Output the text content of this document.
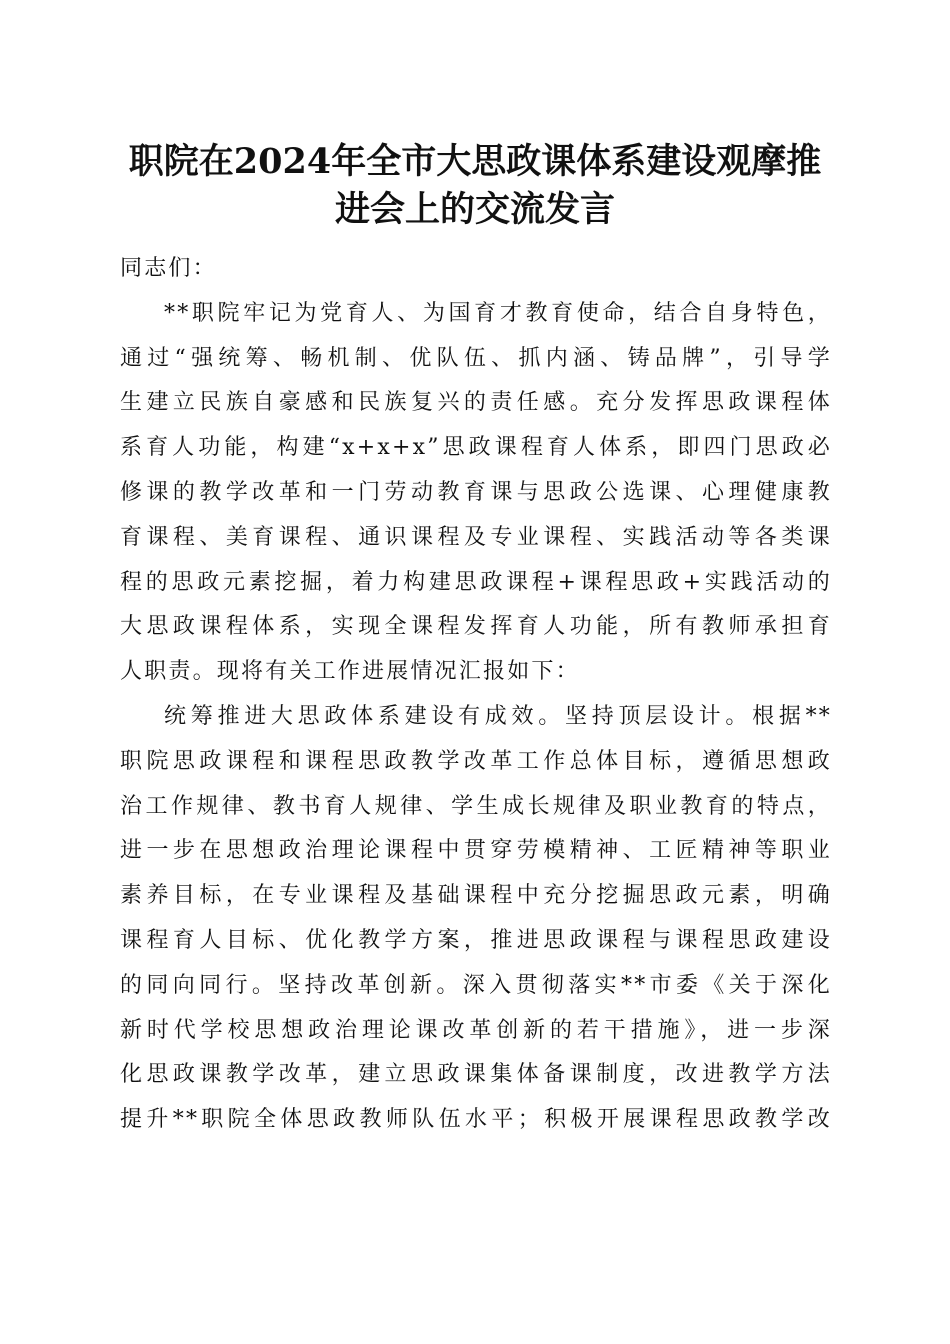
职院在2024年全市大思政课体系建设观摩推
进会上的交流发言
同志们：
**职院牢记为党育人、为国育才教育使命，结合自身特色，
通过“强统筹、畅机制、优队伍、抓内涵、铸品牌”，引导学
生建立民族自豪感和民族复兴的责任感。充分发挥思政课程体
系育人功能，构建“x+x+x”思政课程育人体系，即四门思政必
修课的教学改革和一门劳动教育课与思政公选课、心理健康教
育课程、美育课程、通识课程及专业课程、实践活动等各类课
程的思政元素挖掘，着力构建思政课程+课程思政+实践活动的
大思政课程体系，实现全课程发挥育人功能，所有教师承担育
人职责。现将有关工作进展情况汇报如下：
统筹推进大思政体系建设有成效。坚持顶层设计。根据**
职院思政课程和课程思政教学改革工作总体目标，遵循思想政
治工作规律、教书育人规律、学生成长规律及职业教育的特点，
进一步在思想政治理论课程中贯穿劳模精神、工匠精神等职业
素养目标，在专业课程及基础课程中充分挖掘思政元素，明确
课程育人目标、优化教学方案，推进思政课程与课程思政建设
的同向同行。坚持改革创新。深入贯彻落实**市委《关于深化
新时代学校思想政治理论课改革创新的若干措施》，进一步深
化思政课教学改革，建立思政课集体备课制度，改进教学方法
提升**职院全体思政教师队伍水平；积极开展课程思政教学改
